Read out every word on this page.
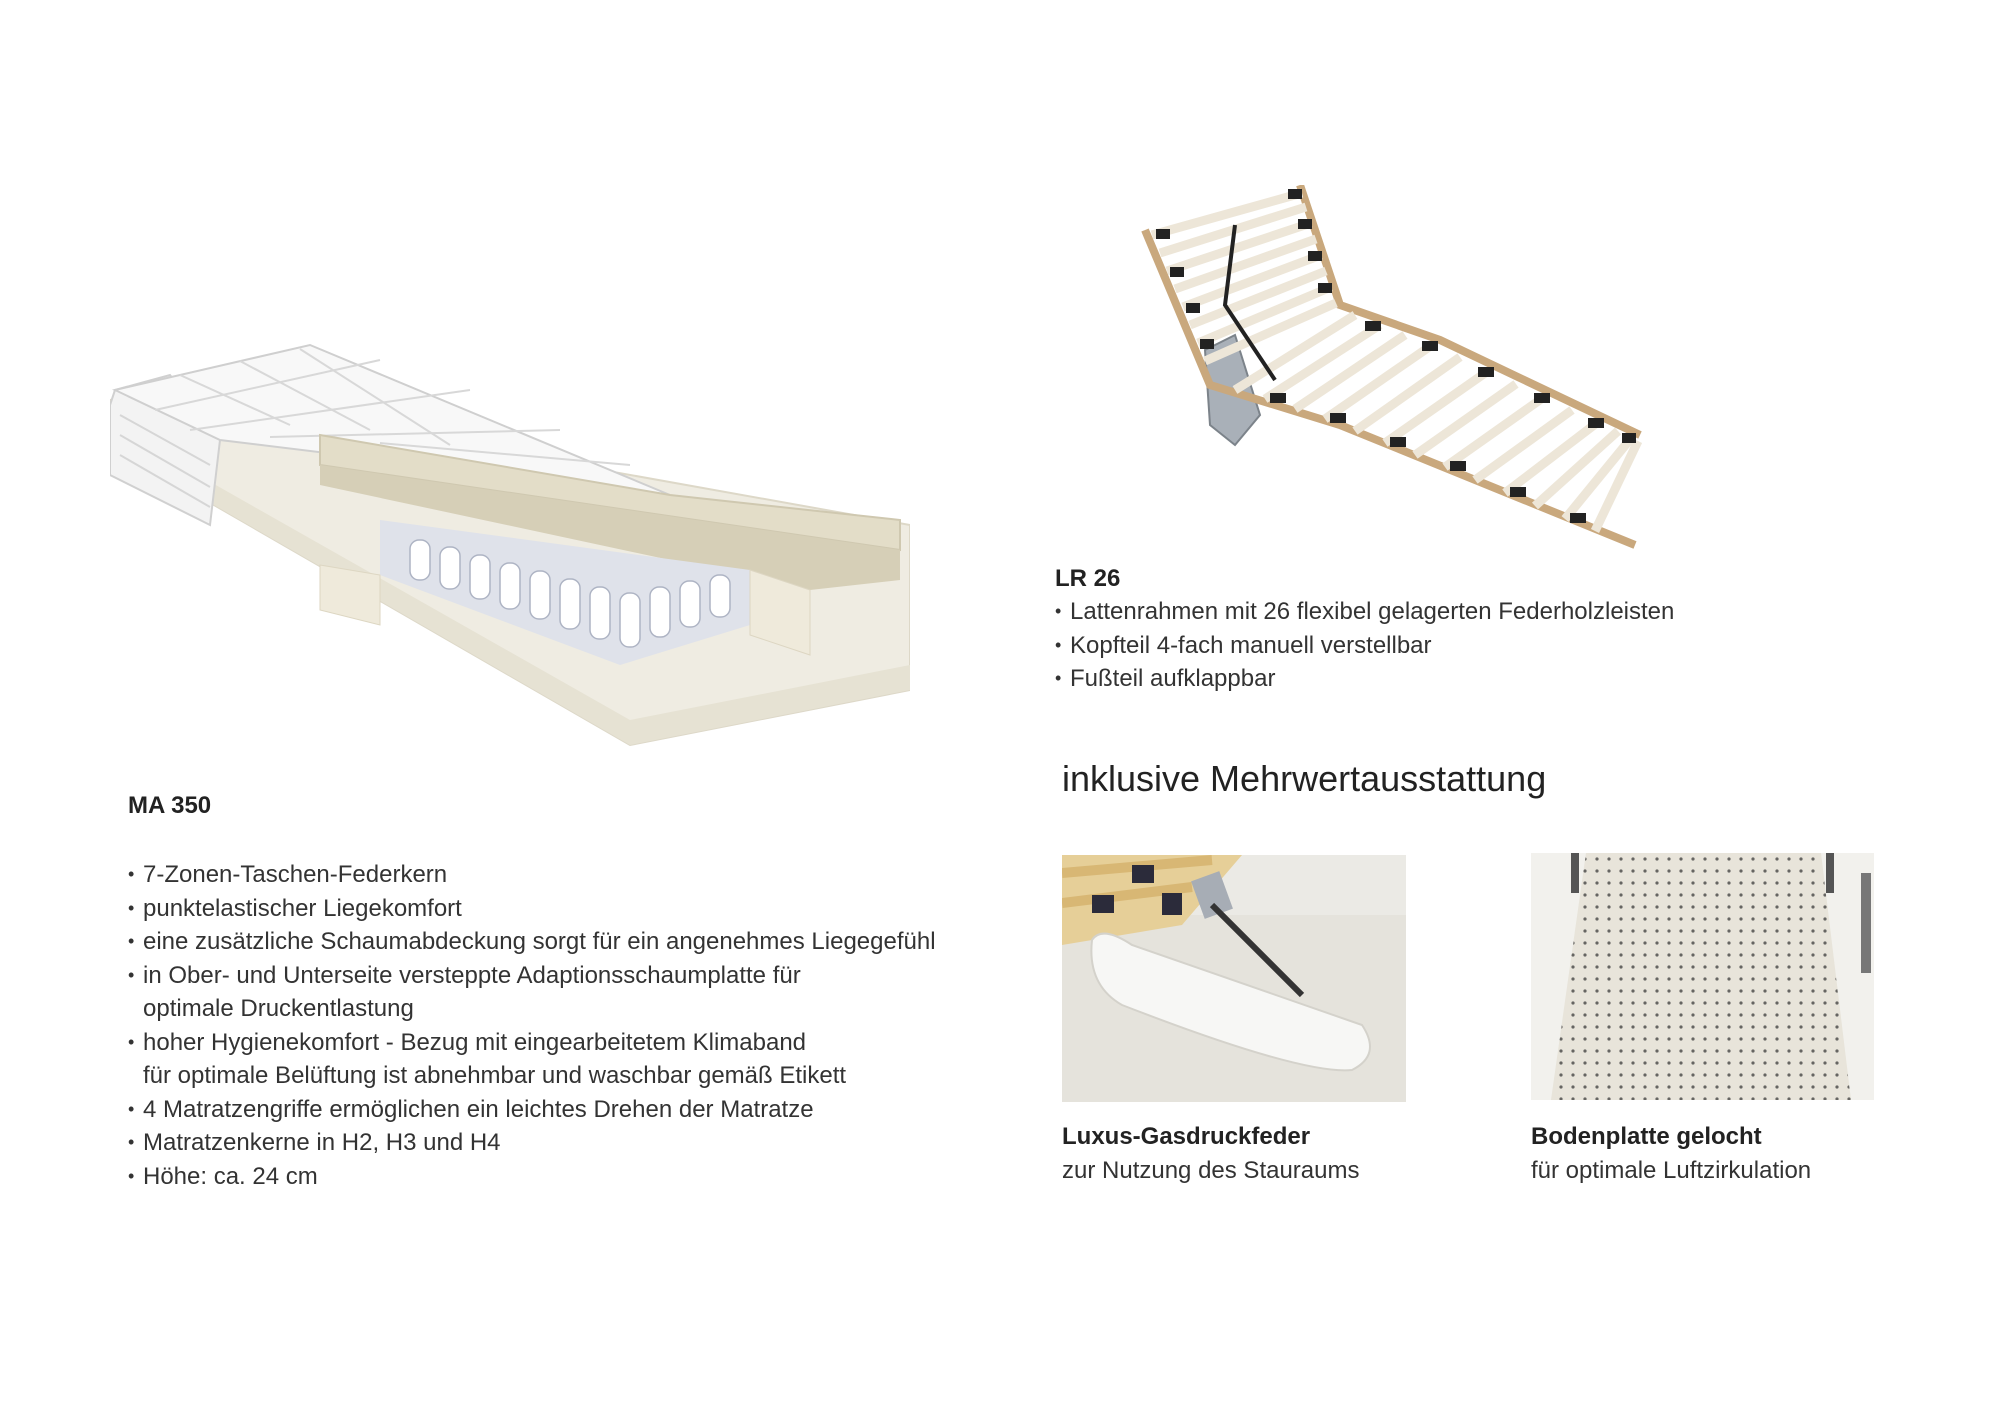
MA 350
• 7-Zonen-Taschen-Federkern
• punktelastischer Liegekomfort
• eine zusätzliche Schaumabdeckung sorgt für ein angenehmes Liegegefühl
• in Ober- und Unterseite versteppte Adaptionsschaumplatte für
optimale Druckentlastung
• hoher Hygienekomfort - Bezug mit eingearbeitetem Klimaband
für optimale Belüftung ist abnehmbar und waschbar gemäß Etikett
• 4 Matratzengriffe ermöglichen ein leichtes Drehen der Matratze
• Matratzenkerne in H2, H3 und H4
• Höhe: ca. 24 cm
LR 26
• Lattenrahmen mit 26 flexibel gelagerten Federholzleisten
• Kopfteil 4-fach manuell verstellbar
• Fußteil aufklappbar
inklusive Mehrwertausstattung
Luxus-Gasdruckfeder
zur Nutzung des Stauraums
Bodenplatte gelocht
für optimale Luftzirkulation
